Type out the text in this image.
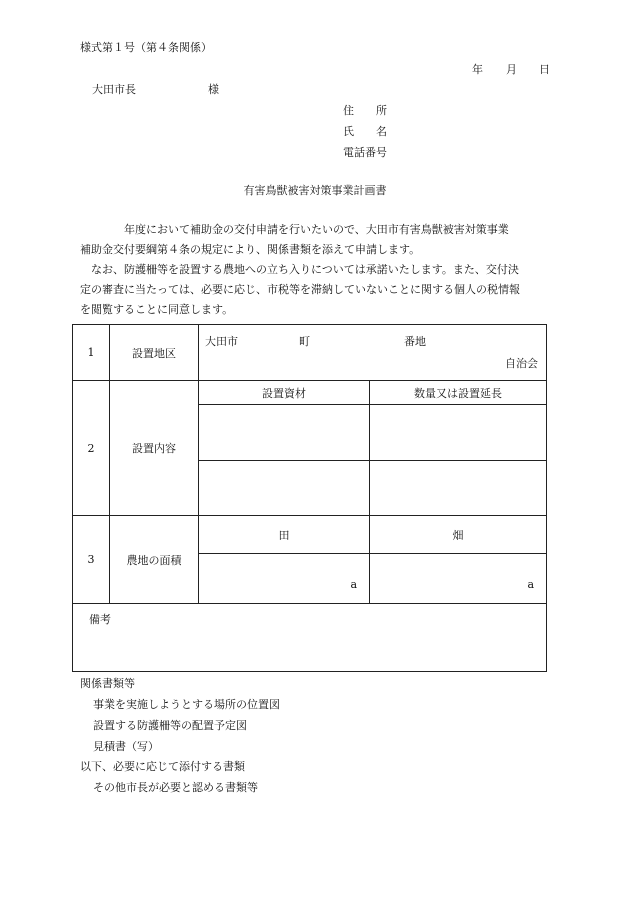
様式第１号（第４条関係）
年 月 日
大田市長	様
住　　所
氏　　名
電話番号
有害鳥獣被害対策事業計画書
　　　　年度において補助金の交付申請を行いたいので、大田市有害鳥獣被害対策事業
補助金交付要綱第４条の規定により、関係書類を添えて申請します。
　なお、防護柵等を設置する農地への立ち入りについては承諾いたします。また、交付決
定の審査に当たっては、必要に応じ、市税等を滞納していないことに関する個人の税情報
を閲覧することに同意します。
1	設置地区	大田市 町 番地
自治会	

2	設置内容	設置資材	数量又は設置延長

3	農地の面積	田	畑

		a	a

備考			
関係書類等
事業を実施しようとする場所の位置図
設置する防護柵等の配置予定図
見積書（写）
以下、必要に応じて添付する書類
その他市長が必要と認める書類等
